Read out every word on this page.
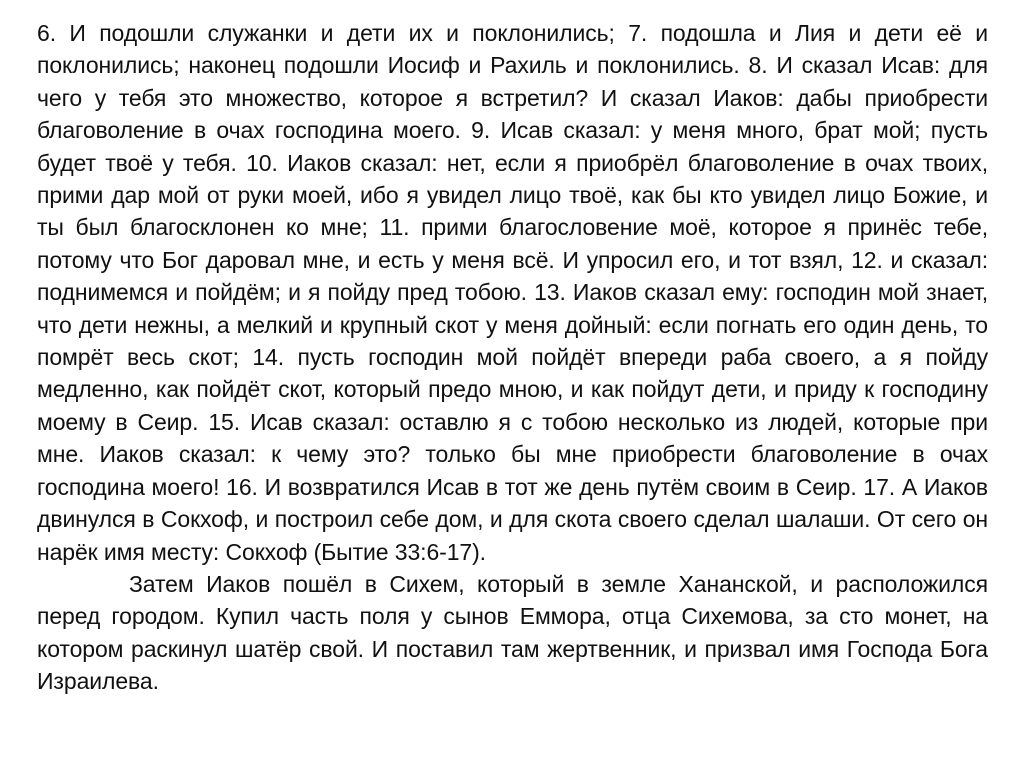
6. И подошли служанки и дети их и поклонились; 7. подошла и Лия и дети её и поклонились; наконец подошли Иосиф и Рахиль и поклонились. 8. И сказал Исав: для чего у тебя это множество, которое я встретил? И сказал Иаков: дабы приобрести благоволение в очах господина моего. 9. Исав сказал: у меня много, брат мой; пусть будет твоё у тебя. 10. Иаков сказал: нет, если я приобрёл благоволение в очах твоих, прими дар мой от руки моей, ибо я увидел лицо твоё, как бы кто увидел лицо Божие, и ты был благосклонен ко мне; 11. прими благословение моё, которое я принёс тебе, потому что Бог даровал мне, и есть у меня всё. И упросил его, и тот взял, 12. и сказал: поднимемся и пойдём; и я пойду пред тобою. 13. Иаков сказал ему: господин мой знает, что дети нежны, а мелкий и крупный скот у меня дойный: если погнать его один день, то помрёт весь скот; 14. пусть господин мой пойдёт впереди раба своего, а я пойду медленно, как пойдёт скот, который предо мною, и как пойдут дети, и приду к господину моему в Сеир. 15. Исав сказал: оставлю я с тобою несколько из людей, которые при мне. Иаков сказал: к чему это? только бы мне приобрести благоволение в очах господина моего! 16. И возвратился Исав в тот же день путём своим в Сеир. 17. А Иаков двинулся в Сокхоф, и построил себе дом, и для скота своего сделал шалаши. От сего он нарёк имя месту: Сокхоф (Бытие 33:6-17).

Затем Иаков пошёл в Сихем, который в земле Хананской, и расположился перед городом. Купил часть поля у сынов Еммора, отца Сихемова, за сто монет, на котором раскинул шатёр свой. И поставил там жертвенник, и призвал имя Господа Бога Израилева.
